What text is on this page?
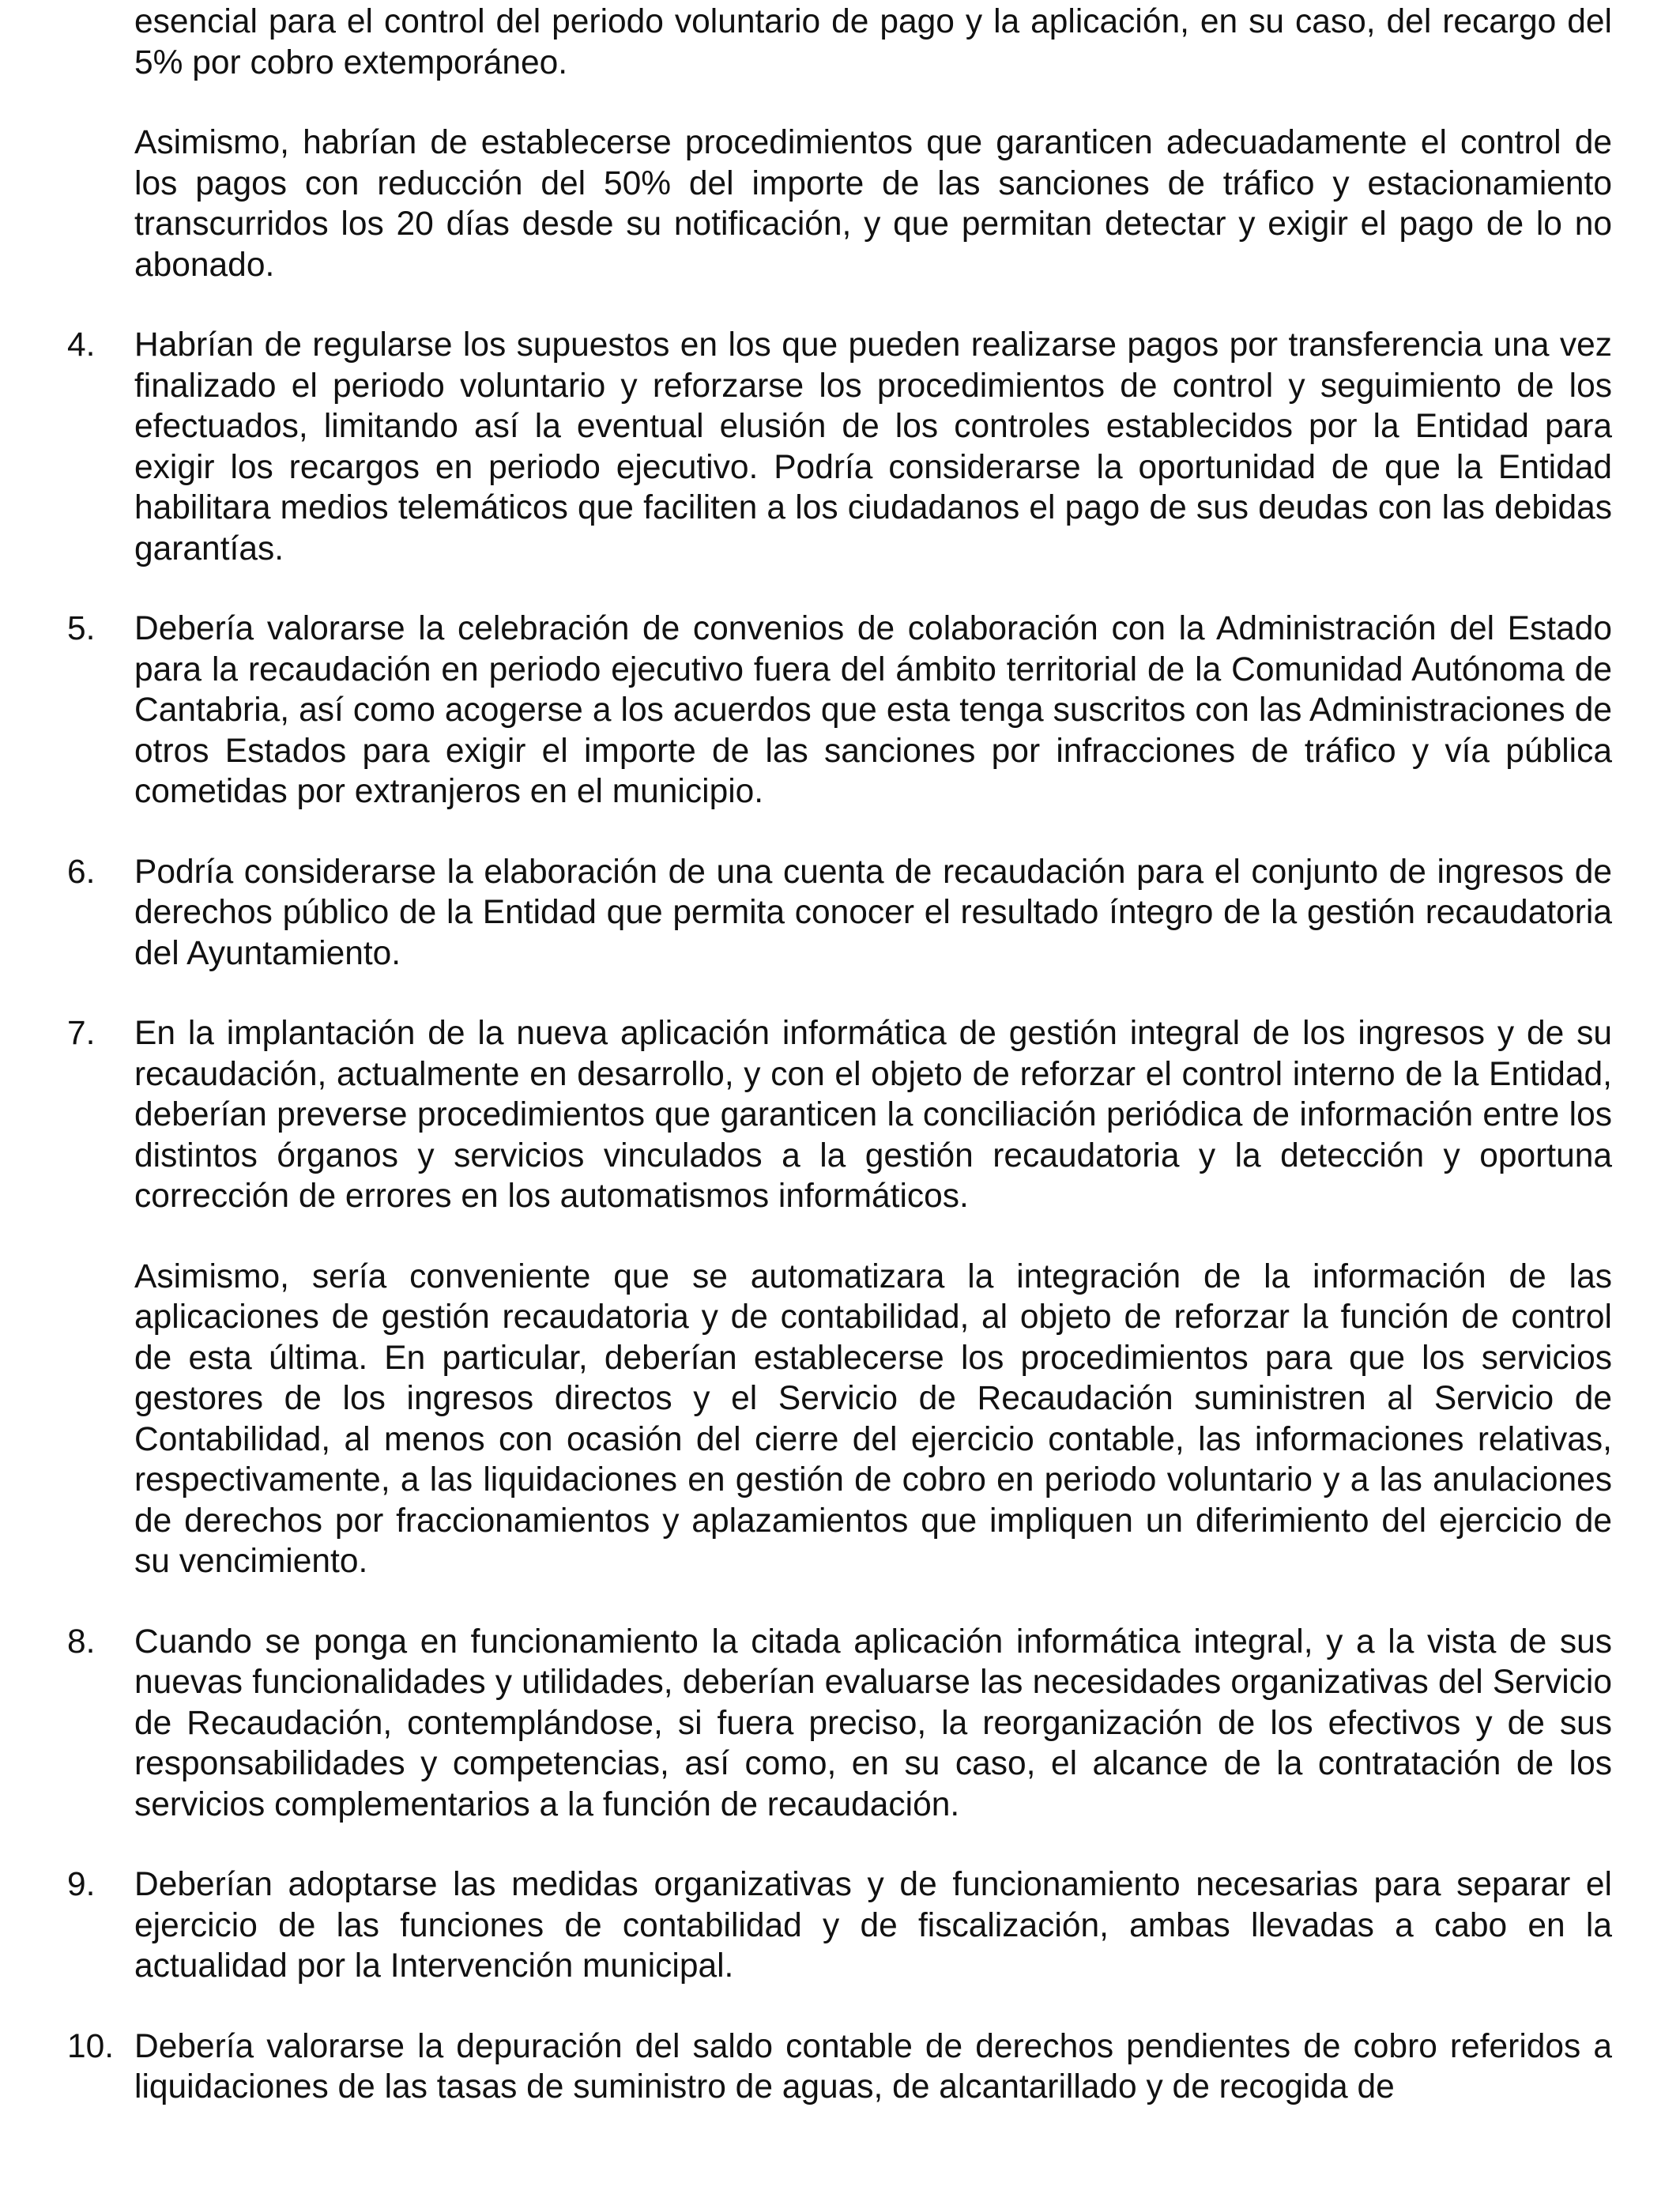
esencial para el control del periodo voluntario de pago y la aplicación, en su caso, del recargo del 5% por cobro extemporáneo.

Asimismo, habrían de establecerse procedimientos que garanticen adecuadamente el control de los pagos con reducción del 50% del importe de las sanciones de tráfico y estacionamiento transcurridos los 20 días desde su notificación, y que permitan detectar y exigir el pago de lo no abonado.

4. Habrían de regularse los supuestos en los que pueden realizarse pagos por transferencia una vez finalizado el periodo voluntario y reforzarse los procedimientos de control y seguimiento de los efectuados, limitando así la eventual elusión de los controles establecidos por la Entidad para exigir los recargos en periodo ejecutivo. Podría considerarse la oportunidad de que la Entidad habilitara medios telemáticos que faciliten a los ciudadanos el pago de sus deudas con las debidas garantías.

5. Debería valorarse la celebración de convenios de colaboración con la Administración del Estado para la recaudación en periodo ejecutivo fuera del ámbito territorial de la Comunidad Autónoma de Cantabria, así como acogerse a los acuerdos que esta tenga suscritos con las Administraciones de otros Estados para exigir el importe de las sanciones por infracciones de tráfico y vía pública cometidas por extranjeros en el municipio.

6. Podría considerarse la elaboración de una cuenta de recaudación para el conjunto de ingresos de derechos público de la Entidad que permita conocer el resultado íntegro de la gestión recaudatoria del Ayuntamiento.

7. En la implantación de la nueva aplicación informática de gestión integral de los ingresos y de su recaudación, actualmente en desarrollo, y con el objeto de reforzar el control interno de la Entidad, deberían preverse procedimientos que garanticen la conciliación periódica de información entre los distintos órganos y servicios vinculados a la gestión recaudatoria y la detección y oportuna corrección de errores en los automatismos informáticos.

Asimismo, sería conveniente que se automatizara la integración de la información de las aplicaciones de gestión recaudatoria y de contabilidad, al objeto de reforzar la función de control de esta última. En particular, deberían establecerse los procedimientos para que los servicios gestores de los ingresos directos y el Servicio de Recaudación suministren al Servicio de Contabilidad, al menos con ocasión del cierre del ejercicio contable, las informaciones relativas, respectivamente, a las liquidaciones en gestión de cobro en periodo voluntario y a las anulaciones de derechos por fraccionamientos y aplazamientos que impliquen un diferimiento del ejercicio de su vencimiento.

8. Cuando se ponga en funcionamiento la citada aplicación informática integral, y a la vista de sus nuevas funcionalidades y utilidades, deberían evaluarse las necesidades organizativas del Servicio de Recaudación, contemplándose, si fuera preciso, la reorganización de los efectivos y de sus responsabilidades y competencias, así como, en su caso, el alcance de la contratación de los servicios complementarios a la función de recaudación.

9. Deberían adoptarse las medidas organizativas y de funcionamiento necesarias para separar el ejercicio de las funciones de contabilidad y de fiscalización, ambas llevadas a cabo en la actualidad por la Intervención municipal.

10. Debería valorarse la depuración del saldo contable de derechos pendientes de cobro referidos a liquidaciones de las tasas de suministro de aguas, de alcantarillado y de recogida de
